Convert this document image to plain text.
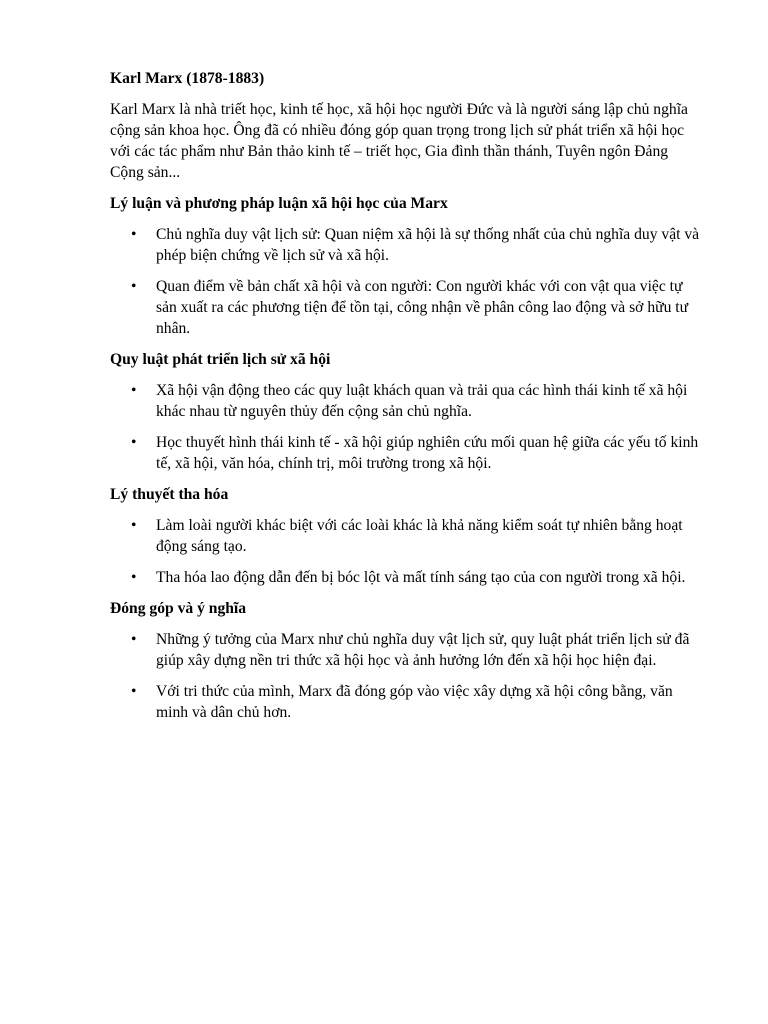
Karl Marx (1878-1883)
Karl Marx là nhà triết học, kinh tế học, xã hội học người Đức và là người sáng lập chủ nghĩa cộng sản khoa học. Ông đã có nhiều đóng góp quan trọng trong lịch sử phát triển xã hội học với các tác phẩm như Bản thảo kinh tế – triết học, Gia đình thần thánh, Tuyên ngôn Đảng Cộng sản...
Lý luận và phương pháp luận xã hội học của Marx
• Chủ nghĩa duy vật lịch sử: Quan niệm xã hội là sự thống nhất của chủ nghĩa duy vật và phép biện chứng về lịch sử và xã hội.
• Quan điểm về bản chất xã hội và con người: Con người khác với con vật qua việc tự sản xuất ra các phương tiện để tồn tại, công nhận về phân công lao động và sở hữu tư nhân.
Quy luật phát triển lịch sử xã hội
• Xã hội vận động theo các quy luật khách quan và trải qua các hình thái kinh tế xã hội khác nhau từ nguyên thủy đến cộng sản chủ nghĩa.
• Học thuyết hình thái kinh tế - xã hội giúp nghiên cứu mối quan hệ giữa các yếu tố kinh tế, xã hội, văn hóa, chính trị, môi trường trong xã hội.
Lý thuyết tha hóa
• Làm loài người khác biệt với các loài khác là khả năng kiểm soát tự nhiên bằng hoạt động sáng tạo.
• Tha hóa lao động dẫn đến bị bóc lột và mất tính sáng tạo của con người trong xã hội.
Đóng góp và ý nghĩa
• Những ý tưởng của Marx như chủ nghĩa duy vật lịch sử, quy luật phát triển lịch sử đã giúp xây dựng nền tri thức xã hội học và ảnh hưởng lớn đến xã hội học hiện đại.
• Với tri thức của mình, Marx đã đóng góp vào việc xây dựng xã hội công bằng, văn minh và dân chủ hơn.
